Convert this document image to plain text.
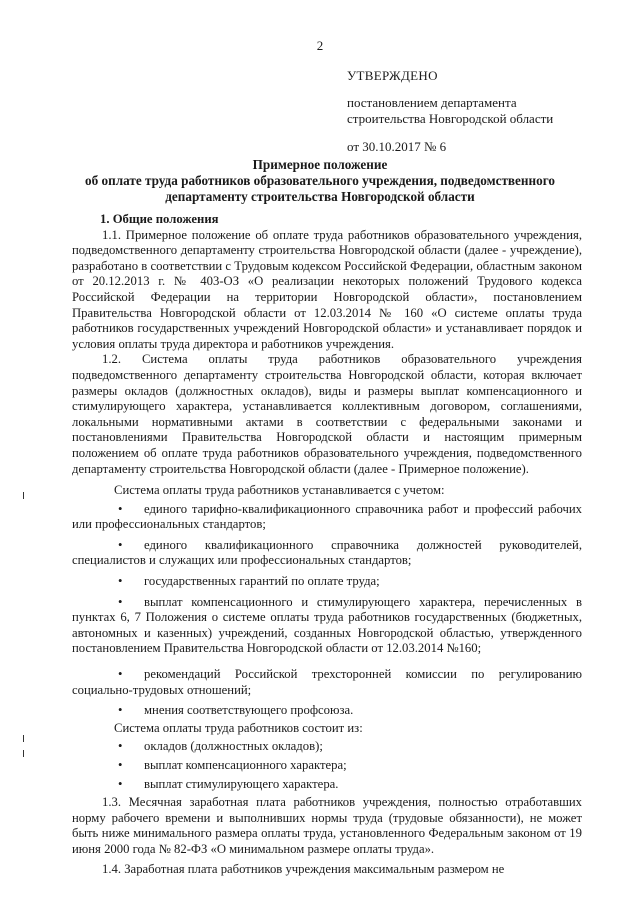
2
УТВЕРЖДЕНО
постановлением департамента
строительства Новгородской области
от 30.10.2017 № 6
Примерное положение
об оплате труда работников образовательного учреждения, подведомственного
департаменту строительства Новгородской области
1. Общие положения

1.1. Примерное положение об оплате труда работников образовательного учреждения, подведомственного департаменту строительства Новгородской области (далее - учреждение), разработано в соответствии с Трудовым кодексом Российской Федерации, областным законом от 20.12.2013 г. № 403-ОЗ «О реализации некоторых положений Трудового кодекса Российской Федерации на территории Новгородской области», постановлением Правительства Новгородской области от 12.03.2014 № 160 «О системе оплаты труда работников государственных учреждений Новгородской области» и устанавливает порядок и условия оплаты труда директора и работников учреждения.

1.2. Система оплаты труда работников образовательного учреждения подведомственного департаменту строительства Новгородской области, которая включает размеры окладов (должностных окладов), виды и размеры выплат компенсационного и стимулирующего характера, устанавливается коллективным договором, соглашениями, локальными нормативными актами в соответствии с федеральными законами и постановлениями Правительства Новгородской области и настоящим примерным положением об оплате труда работников образовательного учреждения, подведомственного департаменту строительства Новгородской области (далее - Примерное положение).

Система оплаты труда работников устанавливается с учетом:

• единого тарифно-квалификационного справочника работ и профессий рабочих или профессиональных стандартов;

• единого квалификационного справочника должностей руководителей, специалистов и служащих или профессиональных стандартов;

• государственных гарантий по оплате труда;

• выплат компенсационного и стимулирующего характера, перечисленных в пунктах 6, 7 Положения о системе оплаты труда работников государственных (бюджетных, автономных и казенных) учреждений, созданных Новгородской областью, утвержденного постановлением Правительства Новгородской области от 12.03.2014 №160;

• рекомендаций Российской трехсторонней комиссии по регулированию социально-трудовых отношений;

• мнения соответствующего профсоюза.

Система оплаты труда работников состоит из:

• окладов (должностных окладов);

• выплат компенсационного характера;

• выплат стимулирующего характера.

1.3. Месячная заработная плата работников учреждения, полностью отработавших норму рабочего времени и выполнивших нормы труда (трудовые обязанности), не может быть ниже минимального размера оплаты труда, установленного Федеральным законом от 19 июня 2000 года № 82-ФЗ «О минимальном размере оплаты труда».

1.4. Заработная плата работников учреждения максимальным размером не
